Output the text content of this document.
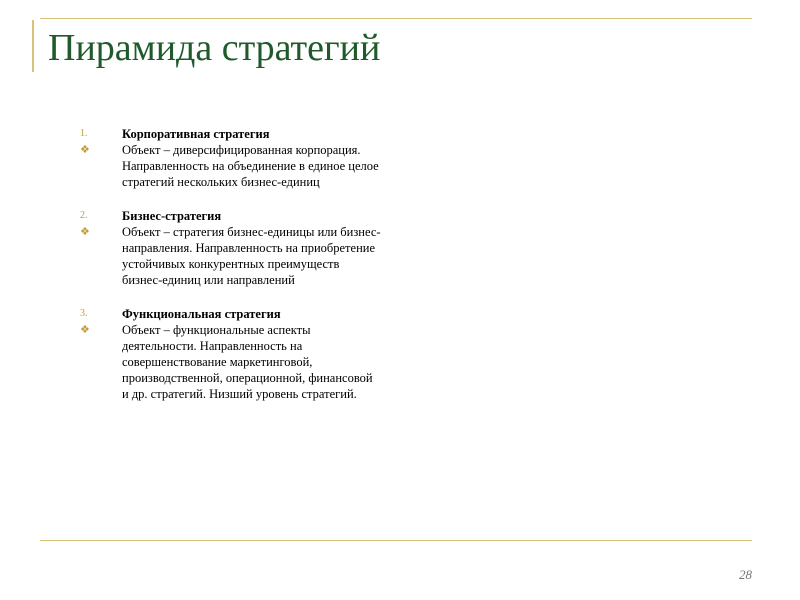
Пирамида стратегий
1.	Корпоративная стратегия
❖	Объект – диверсифицированная корпорация. Направленность на объединение в единое целое стратегий нескольких бизнес-единиц
2.	Бизнес-стратегия
❖	Объект – стратегия бизнес-единицы или бизнес-направления. Направленность на приобретение устойчивых конкурентных преимуществ бизнес-единиц или направлений
3.	Функциональная стратегия
❖	Объект – функциональные аспекты деятельности. Направленность на совершенствование маркетинговой, производственной, операционной, финансовой и др. стратегий. Низший уровень стратегий.
28
